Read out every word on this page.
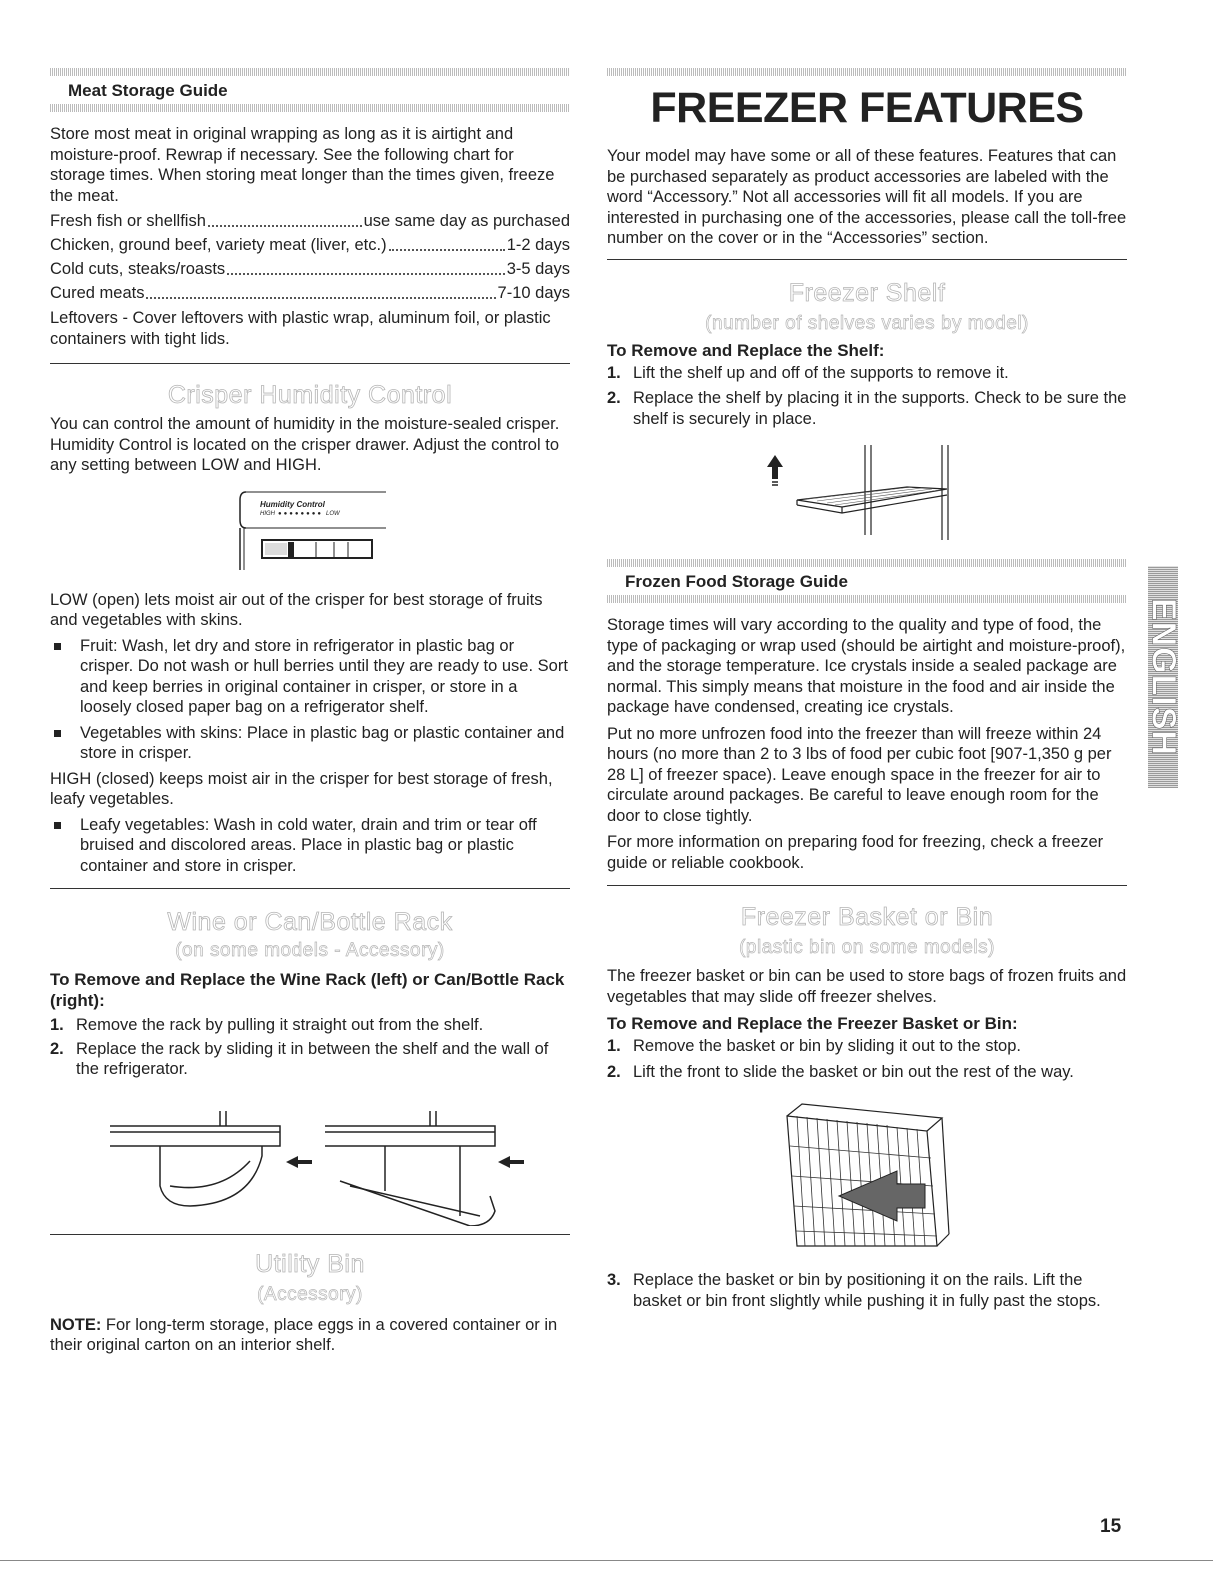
Meat Storage Guide

Store most meat in original wrapping as long as it is airtight and moisture-proof. Rewrap if necessary. See the following chart for storage times. When storing meat longer than the times given, freeze the meat.

Fresh fish or shellfish	use same day as purchased
Chicken, ground beef, variety meat (liver, etc.)	1-2 days
Cold cuts, steaks/roasts	3-5 days
Cured meats	7-10 days

Leftovers - Cover leftovers with plastic wrap, aluminum foil, or plastic containers with tight lids.

Crisper Humidity Control

You can control the amount of humidity in the moisture-sealed crisper. Humidity Control is located on the crisper drawer. Adjust the control to any setting between LOW and HIGH.

Humidity Control
HIGH ●●●●●●●● LOW

LOW (open) lets moist air out of the crisper for best storage of fruits and vegetables with skins.

Fruit: Wash, let dry and store in refrigerator in plastic bag or crisper. Do not wash or hull berries until they are ready to use. Sort and keep berries in original container in crisper, or store in a loosely closed paper bag on a refrigerator shelf.
Vegetables with skins: Place in plastic bag or plastic container and store in crisper.

HIGH (closed) keeps moist air in the crisper for best storage of fresh, leafy vegetables.

Leafy vegetables: Wash in cold water, drain and trim or tear off bruised and discolored areas. Place in plastic bag or plastic container and store in crisper.
Wine or Can/Bottle Rack
(on some models - Accessory)
To Remove and Replace the Wine Rack (left) or Can/Bottle Rack (right):
1. Remove the rack by pulling it straight out from the shelf.
2. Replace the rack by sliding it in between the shelf and the wall of the refrigerator.
Utility Bin
(Accessory)

NOTE: For long-term storage, place eggs in a covered container or in their original carton on an interior shelf.

FREEZER FEATURES

Your model may have some or all of these features. Features that can be purchased separately as product accessories are labeled with the word “Accessory.” Not all accessories will fit all models. If you are interested in purchasing one of the accessories, please call the toll-free number on the cover or in the “Accessories” section.

Freezer Shelf
(number of shelves varies by model)
To Remove and Replace the Shelf:
1. Lift the shelf up and off of the supports to remove it.
2. Replace the shelf by placing it in the supports. Check to be sure the shelf is securely in place.
Frozen Food Storage Guide

Storage times will vary according to the quality and type of food, the type of packaging or wrap used (should be airtight and moisture-proof), and the storage temperature. Ice crystals inside a sealed package are normal. This simply means that moisture in the food and air inside the package have condensed, creating ice crystals.

Put no more unfrozen food into the freezer than will freeze within 24 hours (no more than 2 to 3 lbs of food per cubic foot [907-1,350 g per 28 L] of freezer space). Leave enough space in the freezer for air to circulate around packages. Be careful to leave enough room for the door to close tightly.

For more information on preparing food for freezing, check a freezer guide or reliable cookbook.

Freezer Basket or Bin
(plastic bin on some models)

The freezer basket or bin can be used to store bags of frozen fruits and vegetables that may slide off freezer shelves.

To Remove and Replace the Freezer Basket or Bin:
1. Remove the basket or bin by sliding it out to the stop.
2. Lift the front to slide the basket or bin out the rest of the way.
3. Replace the basket or bin by positioning it on the rails. Lift the basket or bin front slightly while pushing it in fully past the stops.
ENGLISH
15
